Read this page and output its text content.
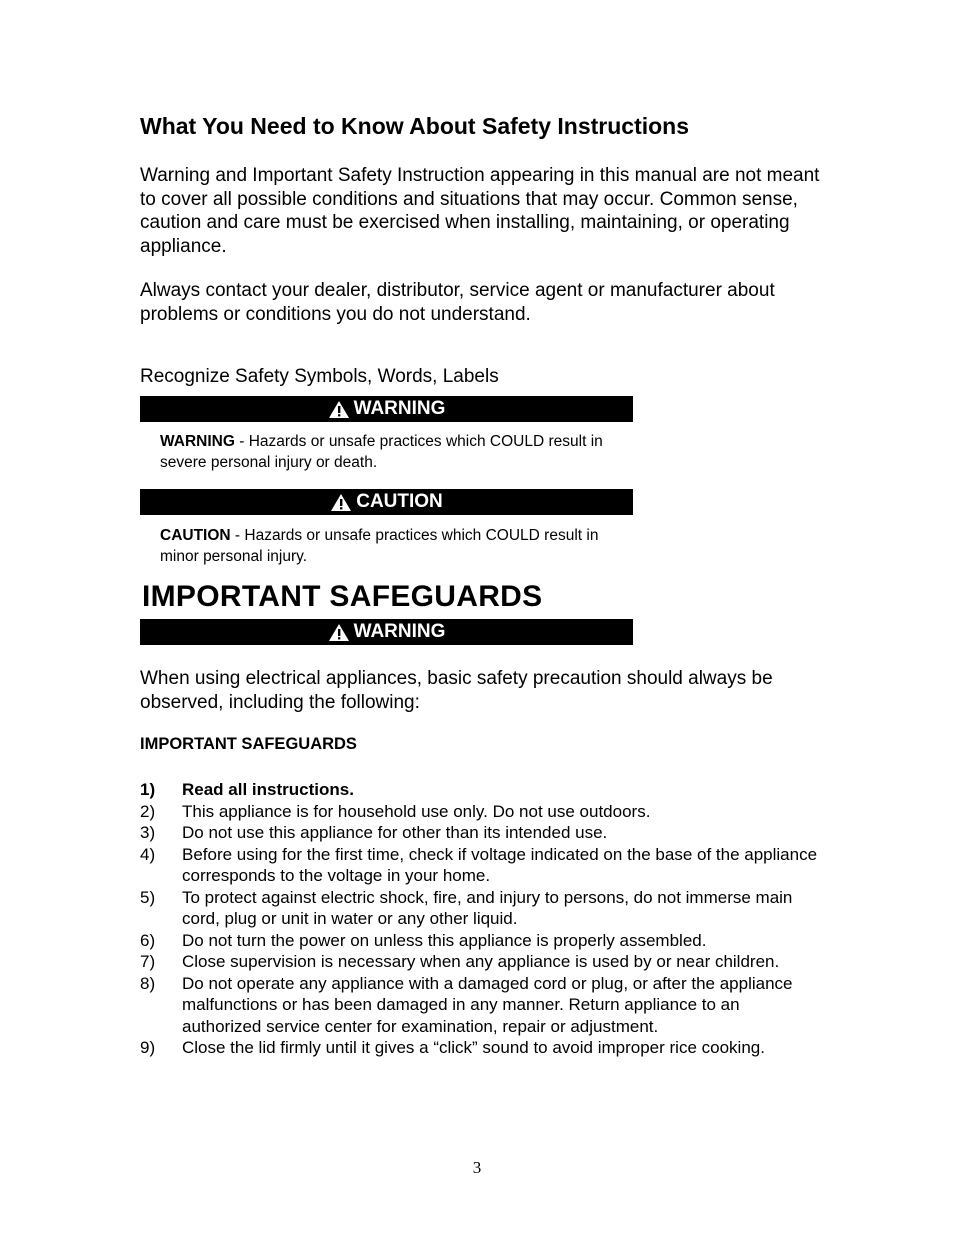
What You Need to Know About Safety Instructions
Warning and Important Safety Instruction appearing in this manual are not meant to cover all possible conditions and situations that may occur. Common sense, caution and care must be exercised when installing, maintaining, or operating appliance.
Always contact your dealer, distributor, service agent or manufacturer about problems or conditions you do not understand.
Recognize Safety Symbols, Words, Labels
WARNING
WARNING - Hazards or unsafe practices which COULD result in severe personal injury or death.
CAUTION
CAUTION - Hazards or unsafe practices which COULD result in minor personal injury.
IMPORTANT SAFEGUARDS
WARNING
When using electrical appliances, basic safety precaution should always be observed, including the following:
IMPORTANT SAFEGUARDS
1)	Read all instructions.
2)	This appliance is for household use only. Do not use outdoors.
3)	Do not use this appliance for other than its intended use.
4)	Before using for the first time, check if voltage indicated on the base of the appliance corresponds to the voltage in your home.
5)	To protect against electric shock, fire, and injury to persons, do not immerse main cord, plug or unit in water or any other liquid.
6)	Do not turn the power on unless this appliance is properly assembled.
7)	Close supervision is necessary when any appliance is used by or near children.
8)	Do not operate any appliance with a damaged cord or plug, or after the appliance malfunctions or has been damaged in any manner. Return appliance to an authorized service center for examination, repair or adjustment.
9)	Close the lid firmly until it gives a “click” sound to avoid improper rice cooking.
3
